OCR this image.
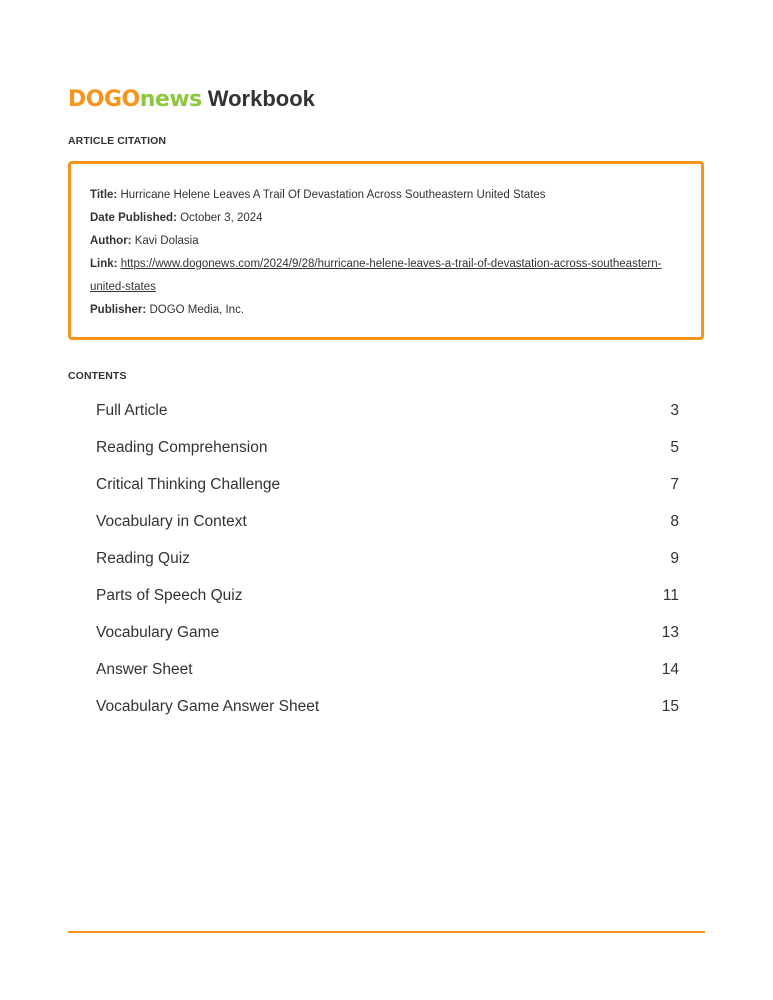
DOGO news Workbook
ARTICLE CITATION
Title: Hurricane Helene Leaves A Trail Of Devastation Across Southeastern United States
Date Published: October 3, 2024
Author: Kavi Dolasia
Link: https://www.dogonews.com/2024/9/28/hurricane-helene-leaves-a-trail-of-devastation-across-southeastern-
united-states
Publisher: DOGO Media, Inc.
CONTENTS
Full Article	3
Reading Comprehension	5
Critical Thinking Challenge	7
Vocabulary in Context	8
Reading Quiz	9
Parts of Speech Quiz	11
Vocabulary Game	13
Answer Sheet	14
Vocabulary Game Answer Sheet	15
